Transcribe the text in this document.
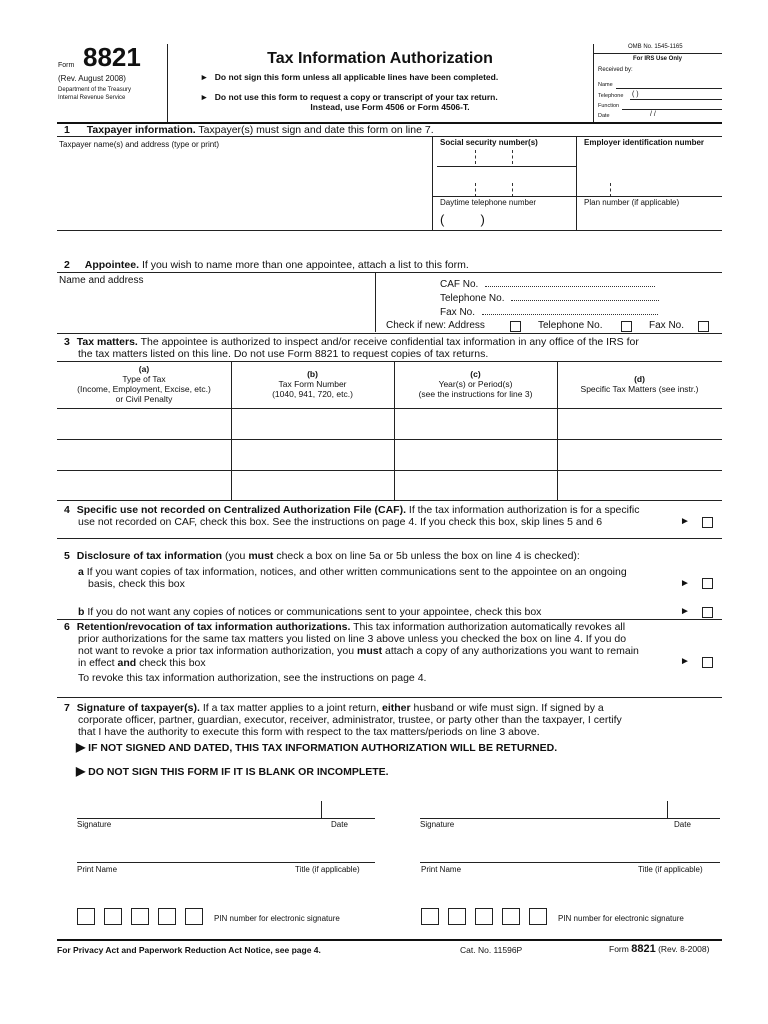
Form 8821
(Rev. August 2008)
Department of the Treasury
Internal Revenue Service
Tax Information Authorization
► Do not sign this form unless all applicable lines have been completed.
► Do not use this form to request a copy or transcript of your tax return.
Instead, use Form 4506 or Form 4506-T.
OMB No. 1545-1165
For IRS Use Only
Received by:
Name
Telephone ( )
Function
Date	/ /
1 Taxpayer information. Taxpayer(s) must sign and date this form on line 7.
Taxpayer name(s) and address (type or print)	Social security number(s)	Employer identification number
Daytime telephone number
(          )
Plan number (if applicable)
2 Appointee. If you wish to name more than one appointee, attach a list to this form.
Name and address	CAF No.
Telephone No.
Fax No.
Check if new: Address	Telephone No.	Fax No.
3 Tax matters. The appointee is authorized to inspect and/or receive confidential tax information in any office of the IRS for
the tax matters listed on this line. Do not use Form 8821 to request copies of tax returns.
(a)
Type of Tax
(Income, Employment, Excise, etc.)
or Civil Penalty
(b)
Tax Form Number
(1040, 941, 720, etc.)
(c)
Year(s) or Period(s)
(see the instructions for line 3)
(d)
Specific Tax Matters (see instr.)
4 Specific use not recorded on Centralized Authorization File (CAF). If the tax information authorization is for a specific
use not recorded on CAF, check this box. See the instructions on page 4. If you check this box, skip lines 5 and 6	►
5 Disclosure of tax information (you must check a box on line 5a or 5b unless the box on line 4 is checked):
a If you want copies of tax information, notices, and other written communications sent to the appointee on an ongoing
basis, check this box	►
b If you do not want any copies of notices or communications sent to your appointee, check this box	►
6 Retention/revocation of tax information authorizations. This tax information authorization automatically revokes all
prior authorizations for the same tax matters you listed on line 3 above unless you checked the box on line 4. If you do
not want to revoke a prior tax information authorization, you must attach a copy of any authorizations you want to remain
in effect and check this box	►
To revoke this tax information authorization, see the instructions on page 4.
7 Signature of taxpayer(s). If a tax matter applies to a joint return, either husband or wife must sign. If signed by a
corporate officer, partner, guardian, executor, receiver, administrator, trustee, or party other than the taxpayer, I certify
that I have the authority to execute this form with respect to the tax matters/periods on line 3 above.
▶ IF NOT SIGNED AND DATED, THIS TAX INFORMATION AUTHORIZATION WILL BE RETURNED.
▶ DO NOT SIGN THIS FORM IF IT IS BLANK OR INCOMPLETE.
Signature	Date
Print Name	Title (if applicable)
PIN number for electronic signature
Signature	Date
Print Name	Title (if applicable)
PIN number for electronic signature
For Privacy Act and Paperwork Reduction Act Notice, see page 4.	Cat. No. 11596P	Form 8821 (Rev. 8-2008)
